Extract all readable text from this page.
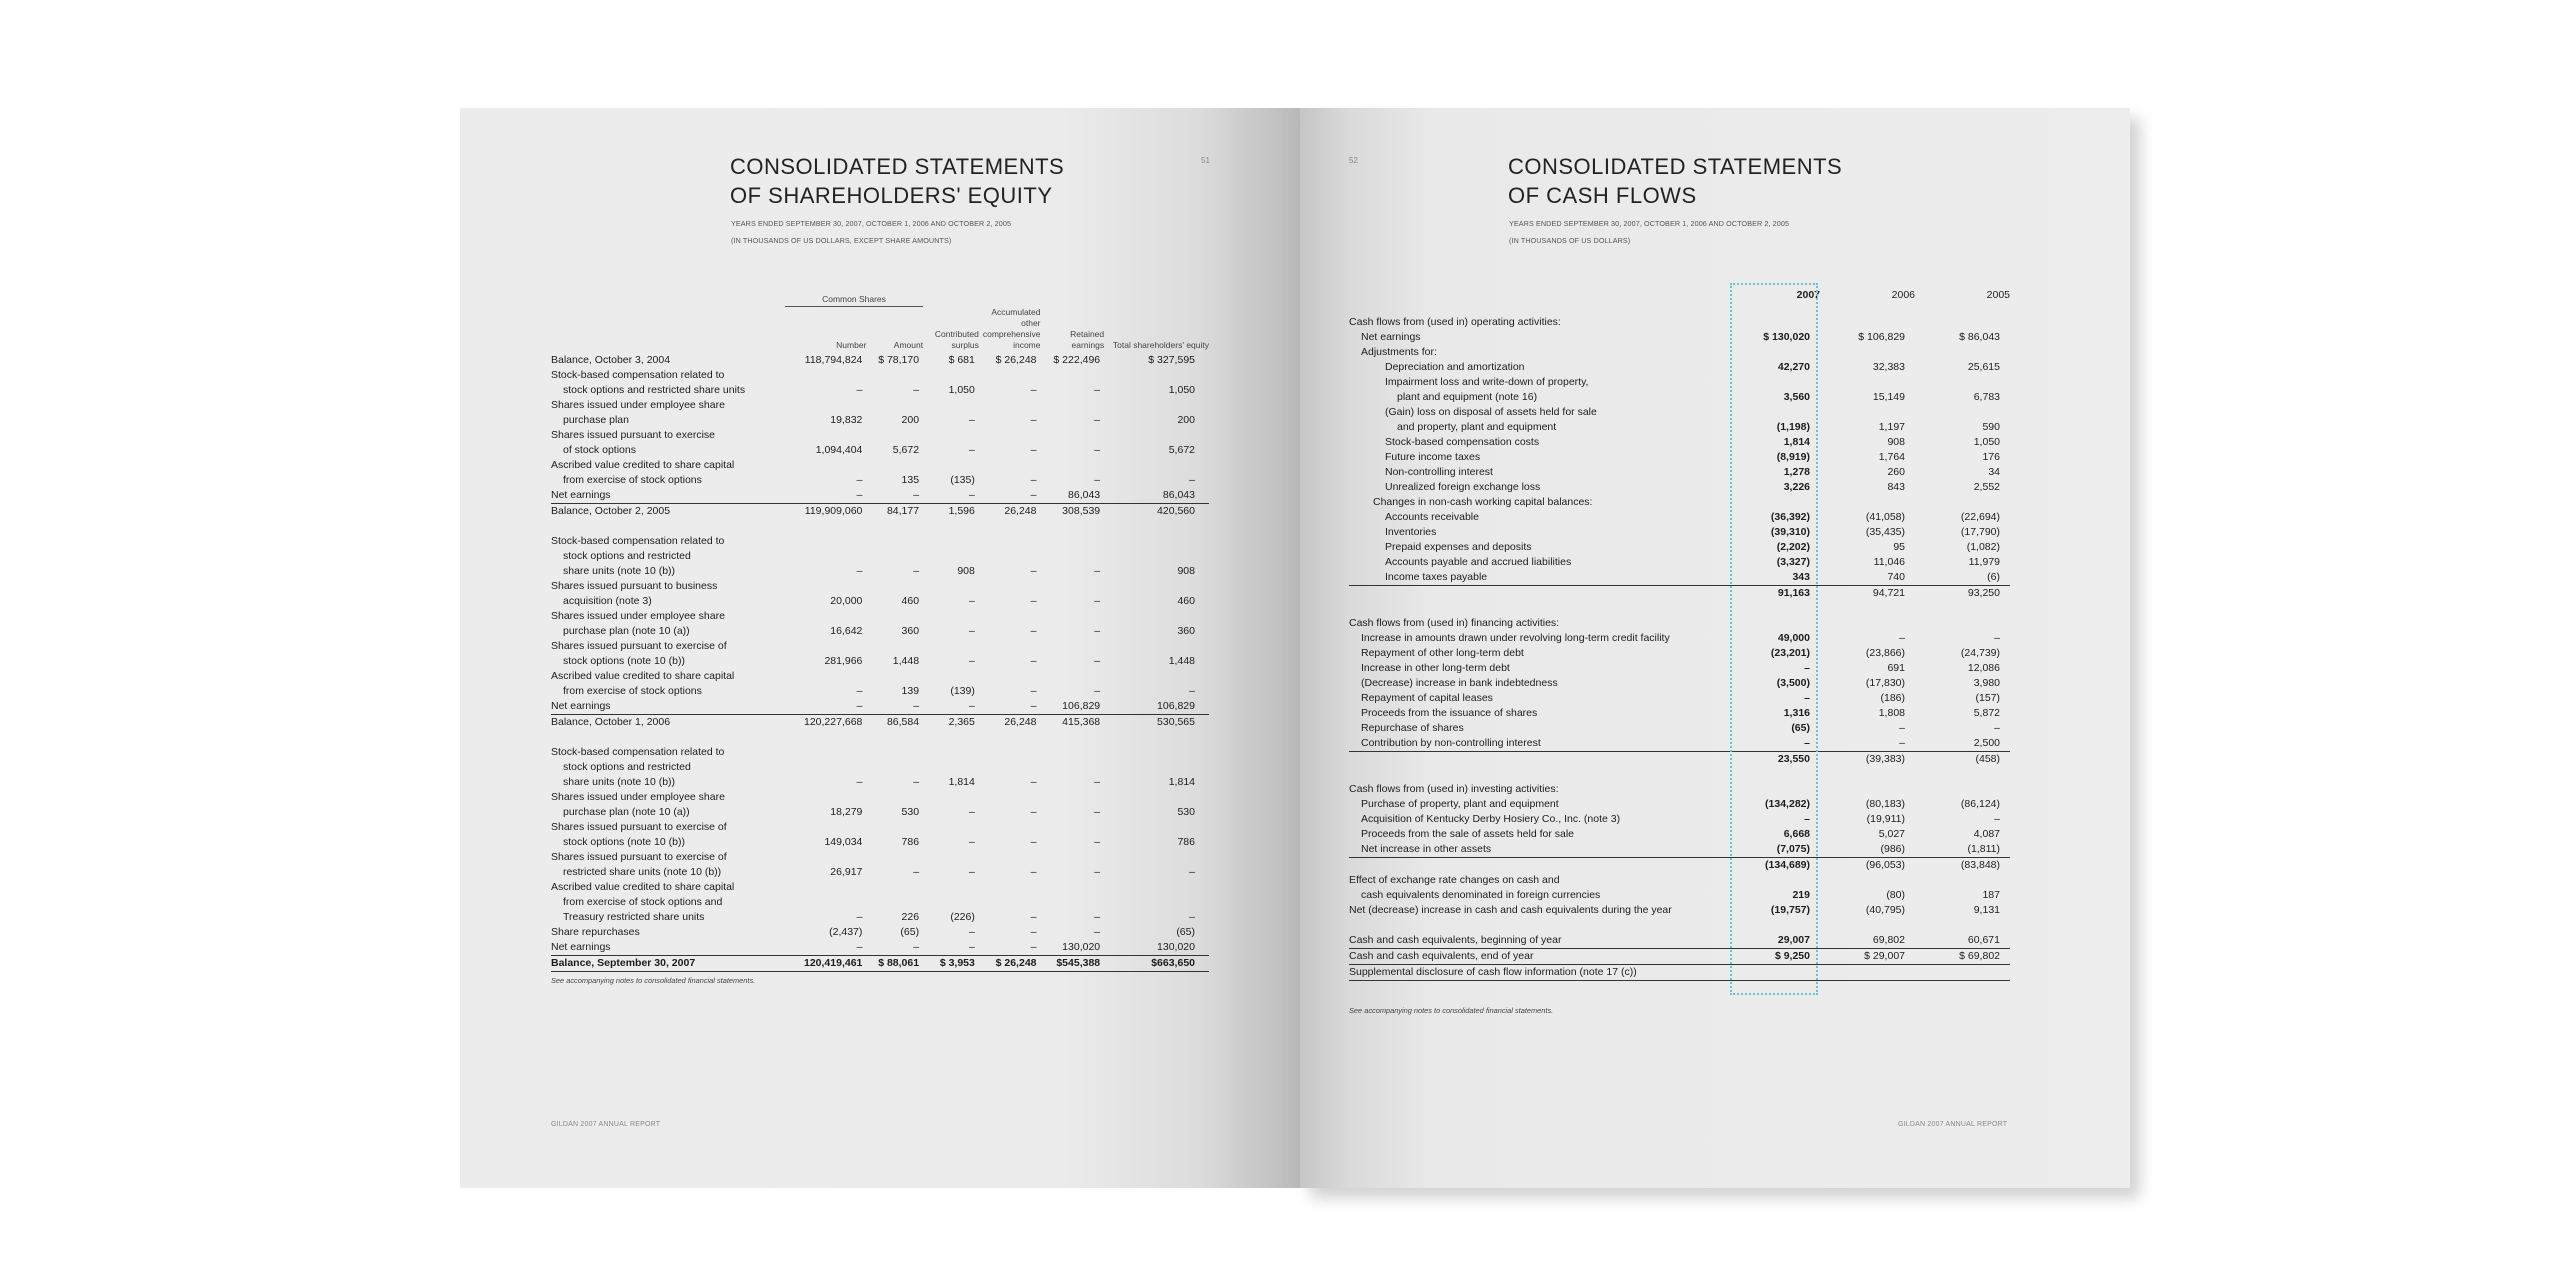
CONSOLIDATED STATEMENTS
OF SHAREHOLDERS' EQUITY
YEARS ENDED SEPTEMBER 30, 2007, OCTOBER 1, 2006 AND OCTOBER 2, 2005
(IN THOUSANDS OF US DOLLARS, EXCEPT SHARE AMOUNTS)
51
	Common Shares					
	Number	Amount	Contributed surplus	Accumulated other comprehensive income	Retained earnings	Total shareholders' equity
Balance, October 3, 2004	118,794,824	$ 78,170	$ 681	$ 26,248	$ 222,496	$ 327,595
Stock-based compensation related to						
stock options and restricted share units	–	–	1,050	–	–	1,050
Shares issued under employee share						
purchase plan	19,832	200	–	–	–	200
Shares issued pursuant to exercise						
of stock options	1,094,404	5,672	–	–	–	5,672
Ascribed value credited to share capital						
from exercise of stock options	–	135	(135)	–	–	–
Net earnings	–	–	–	–	86,043	86,043
Balance, October 2, 2005	119,909,060	84,177	1,596	26,248	308,539	420,560

Stock-based compensation related to						
stock options and restricted						
share units (note 10 (b))	–	–	908	–	–	908
Shares issued pursuant to business						
acquisition (note 3)	20,000	460	–	–	–	460
Shares issued under employee share						
purchase plan (note 10 (a))	16,642	360	–	–	–	360
Shares issued pursuant to exercise of						
stock options (note 10 (b))	281,966	1,448	–	–	–	1,448
Ascribed value credited to share capital						
from exercise of stock options	–	139	(139)	–	–	–
Net earnings	–	–	–	–	106,829	106,829
Balance, October 1, 2006	120,227,668	86,584	2,365	26,248	415,368	530,565

Stock-based compensation related to						
stock options and restricted						
share units (note 10 (b))	–	–	1,814	–	–	1,814
Shares issued under employee share						
purchase plan (note 10 (a))	18,279	530	–	–	–	530
Shares issued pursuant to exercise of						
stock options (note 10 (b))	149,034	786	–	–	–	786
Shares issued pursuant to exercise of						
restricted share units (note 10 (b))	26,917	–	–	–	–	–
Ascribed value credited to share capital						
from exercise of stock options and						
Treasury restricted share units	–	226	(226)	–	–	–
Share repurchases	(2,437)	(65)	–	–	–	(65)
Net earnings	–	–	–	–	130,020	130,020
Balance, September 30, 2007	120,419,461	$ 88,061	$ 3,953	$ 26,248	$545,388	$663,650
See accompanying notes to consolidated financial statements.
GILDAN 2007 ANNUAL REPORT
CONSOLIDATED STATEMENTS
OF CASH FLOWS
YEARS ENDED SEPTEMBER 30, 2007, OCTOBER 1, 2006 AND OCTOBER 2, 2005
(IN THOUSANDS OF US DOLLARS)
52
	2007	2006	2005
Cash flows from (used in) operating activities:			
Net earnings	$ 130,020	$ 106,829	$ 86,043
Adjustments for:			
Depreciation and amortization	42,270	32,383	25,615
Impairment loss and write-down of property,			
plant and equipment (note 16)	3,560	15,149	6,783
(Gain) loss on disposal of assets held for sale			
and property, plant and equipment	(1,198)	1,197	590
Stock-based compensation costs	1,814	908	1,050
Future income taxes	(8,919)	1,764	176
Non-controlling interest	1,278	260	34
Unrealized foreign exchange loss	3,226	843	2,552
Changes in non-cash working capital balances:			
Accounts receivable	(36,392)	(41,058)	(22,694)
Inventories	(39,310)	(35,435)	(17,790)
Prepaid expenses and deposits	(2,202)	95	(1,082)
Accounts payable and accrued liabilities	(3,327)	11,046	11,979
Income taxes payable	343	740	(6)
	91,163	94,721	93,250

Cash flows from (used in) financing activities:			
Increase in amounts drawn under revolving long-term credit facility	49,000	–	–
Repayment of other long-term debt	(23,201)	(23,866)	(24,739)
Increase in other long-term debt	–	691	12,086
(Decrease) increase in bank indebtedness	(3,500)	(17,830)	3,980
Repayment of capital leases	–	(186)	(157)
Proceeds from the issuance of shares	1,316	1,808	5,872
Repurchase of shares	(65)	–	–
Contribution by non-controlling interest	–	–	2,500
	23,550	(39,383)	(458)

Cash flows from (used in) investing activities:			
Purchase of property, plant and equipment	(134,282)	(80,183)	(86,124)
Acquisition of Kentucky Derby Hosiery Co., Inc. (note 3)	–	(19,911)	–
Proceeds from the sale of assets held for sale	6,668	5,027	4,087
Net increase in other assets	(7,075)	(986)	(1,811)
	(134,689)	(96,053)	(83,848)
Effect of exchange rate changes on cash and			
cash equivalents denominated in foreign currencies	219	(80)	187
Net (decrease) increase in cash and cash equivalents during the year	(19,757)	(40,795)	9,131

Cash and cash equivalents, beginning of year	29,007	69,802	60,671
Cash and cash equivalents, end of year	$ 9,250	$ 29,007	$ 69,802
Supplemental disclosure of cash flow information (note 17 (c))			
See accompanying notes to consolidated financial statements.
GILDAN 2007 ANNUAL REPORT
